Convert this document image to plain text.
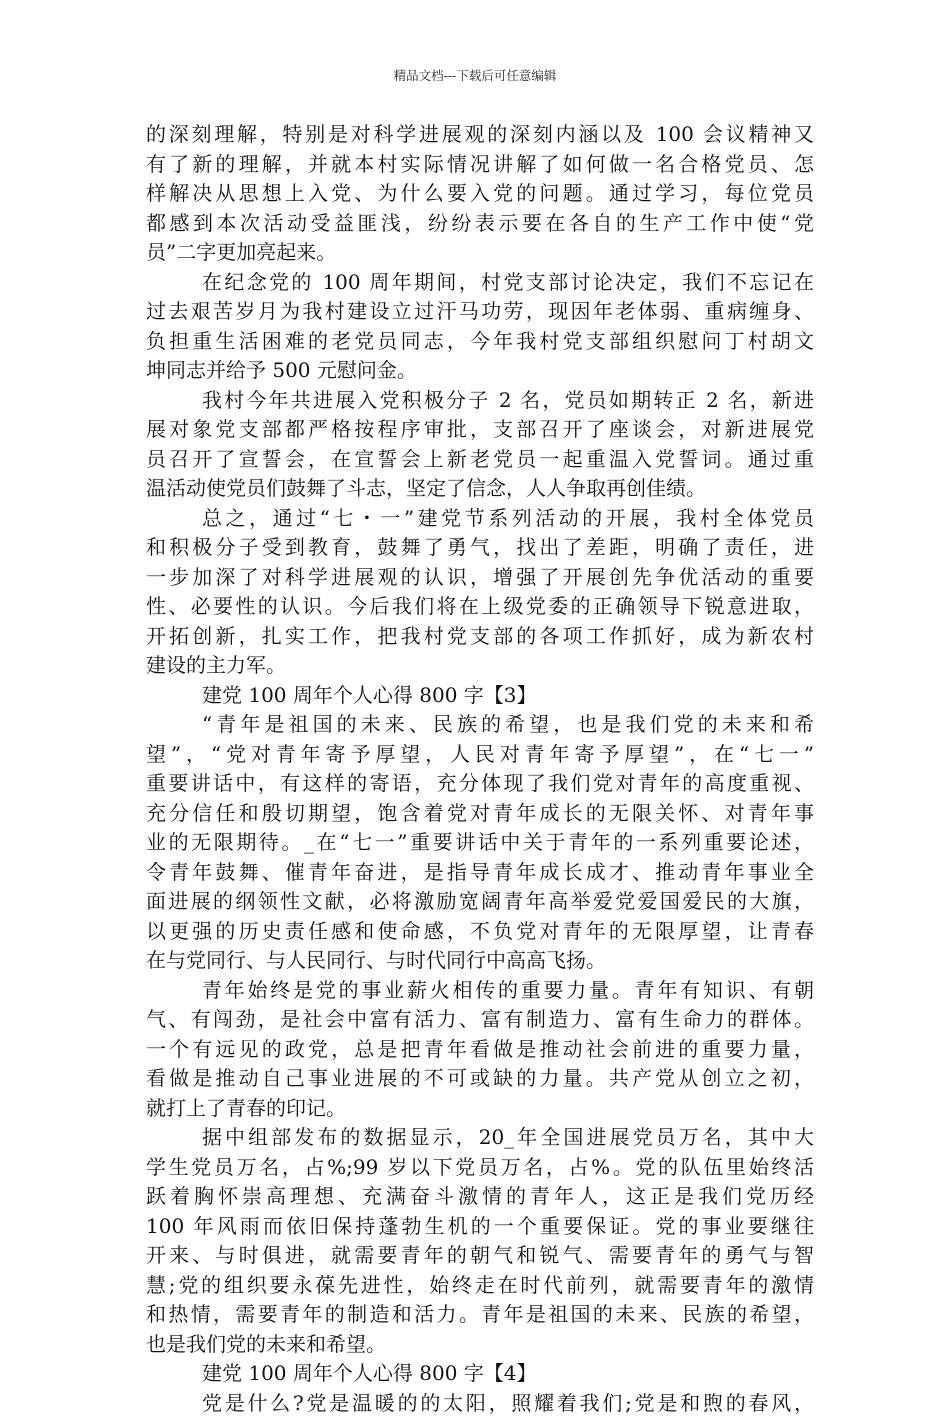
精品文档---下载后可任意编辑
的深刻理解，特别是对科学进展观的深刻内涵以及 100 会议精神又
有了新的理解，并就本村实际情况讲解了如何做一名合格党员、怎
样解决从思想上入党、为什么要入党的问题。通过学习，每位党员
都感到本次活动受益匪浅，纷纷表示要在各自的生产工作中使“党
员”二字更加亮起来。
在纪念党的 100 周年期间，村党支部讨论决定，我们不忘记在
过去艰苦岁月为我村建设立过汗马功劳，现因年老体弱、重病缠身、
负担重生活困难的老党员同志，今年我村党支部组织慰问丁村胡文
坤同志并给予 500 元慰问金。
我村今年共进展入党积极分子 2 名，党员如期转正 2 名，新进
展对象党支部都严格按程序审批，支部召开了座谈会，对新进展党
员召开了宣誓会，在宣誓会上新老党员一起重温入党誓词。通过重
温活动使党员们鼓舞了斗志，坚定了信念，人人争取再创佳绩。
总之，通过“七・一”建党节系列活动的开展，我村全体党员
和积极分子受到教育，鼓舞了勇气，找出了差距，明确了责任，进
一步加深了对科学进展观的认识，增强了开展创先争优活动的重要
性、必要性的认识。今后我们将在上级党委的正确领导下锐意进取，
开拓创新，扎实工作，把我村党支部的各项工作抓好，成为新农村
建设的主力军。
建党 100 周年个人心得 800 字【3】
“青年是祖国的未来、民族的希望，也是我们党的未来和希
望”，“党对青年寄予厚望，人民对青年寄予厚望”，在“七一”
重要讲话中，有这样的寄语，充分体现了我们党对青年的高度重视、
充分信任和殷切期望，饱含着党对青年成长的无限关怀、对青年事
业的无限期待。_在“七一”重要讲话中关于青年的一系列重要论述，
令青年鼓舞、催青年奋进，是指导青年成长成才、推动青年事业全
面进展的纲领性文献，必将激励宽阔青年高举爱党爱国爱民的大旗，
以更强的历史责任感和使命感，不负党对青年的无限厚望，让青春
在与党同行、与人民同行、与时代同行中高高飞扬。
青年始终是党的事业薪火相传的重要力量。青年有知识、有朝
气、有闯劲，是社会中富有活力、富有制造力、富有生命力的群体。
一个有远见的政党，总是把青年看做是推动社会前进的重要力量，
看做是推动自己事业进展的不可或缺的力量。共产党从创立之初，
就打上了青春的印记。
据中组部发布的数据显示，20_年全国进展党员万名，其中大
学生党员万名，占%;99 岁以下党员万名，占%。党的队伍里始终活
跃着胸怀崇高理想、充满奋斗激情的青年人，这正是我们党历经
100 年风雨而依旧保持蓬勃生机的一个重要保证。党的事业要继往
开来、与时俱进，就需要青年的朝气和锐气、需要青年的勇气与智
慧;党的组织要永葆先进性，始终走在时代前列，就需要青年的激情
和热情，需要青年的制造和活力。青年是祖国的未来、民族的希望，
也是我们党的未来和希望。
建党 100 周年个人心得 800 字【4】
党是什么?党是温暖的的太阳，照耀着我们;党是和煦的春风，
